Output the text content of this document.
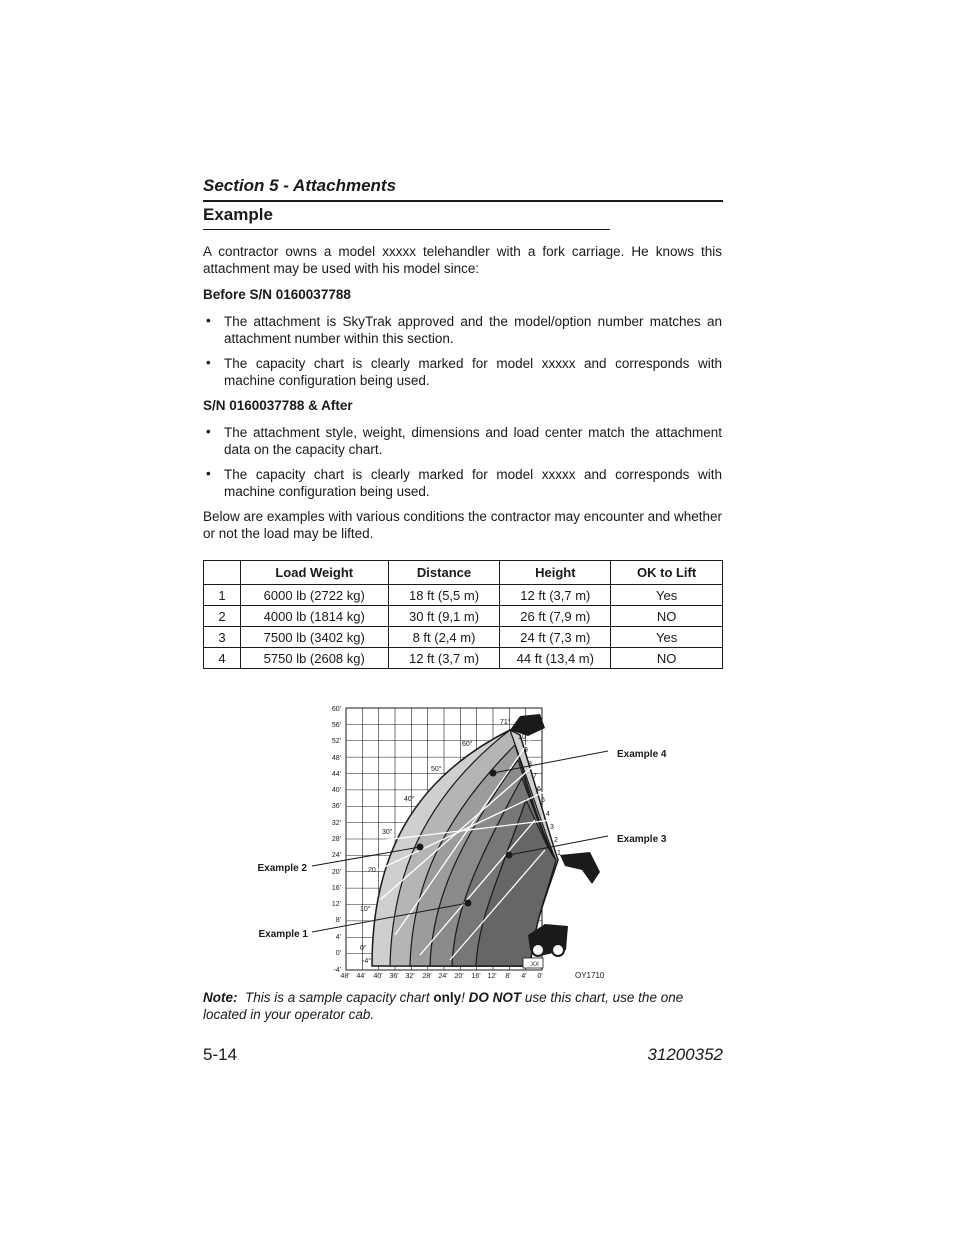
Section 5 - Attachments
Example
A contractor owns a model xxxxx telehandler with a fork carriage. He knows this attachment may be used with his model since:
Before S/N 0160037788
• The attachment is SkyTrak approved and the model/option number matches an attachment number within this section.
• The capacity chart is clearly marked for model xxxxx and corresponds with machine configuration being used.
S/N 0160037788 & After
• The attachment style, weight, dimensions and load center match the attachment data on the capacity chart.
• The capacity chart is clearly marked for model xxxxx and corresponds with machine configuration being used.
Below are examples with various conditions the contractor may encounter and whether or not the load may be lifted.
	Load Weight	Distance	Height	OK to Lift
1	6000 lb (2722 kg)	18 ft (5,5 m)	12 ft (3,7 m)	Yes
2	4000 lb (1814 kg)	30 ft (9,1 m)	26 ft (7,9 m)	NO
3	7500 lb (3402 kg)	8 ft (2,4 m)	24 ft (7,3 m)	Yes
4	5750 lb (2608 kg)	12 ft (3,7 m)	44 ft (13,4 m)	NO
60'
56'
52'
48'
44'
40'
36'
32'
28'
24'
20'
16'
12'
8'
4'
0'
-4'
48' 44' 40' 36' 32' 28' 24' 20' 16' 12' 8' 4' 0'
71°
60°
50°
40°
30°
20
10°
0°
-4°
10
9
8
7
6
5
4
3
2
1
Example 4
Example 3
Example 2
Example 1
OY1710
XX
Note: This is a sample capacity chart only! DO NOT use this chart, use the one located in your operator cab.
5-14	31200352
